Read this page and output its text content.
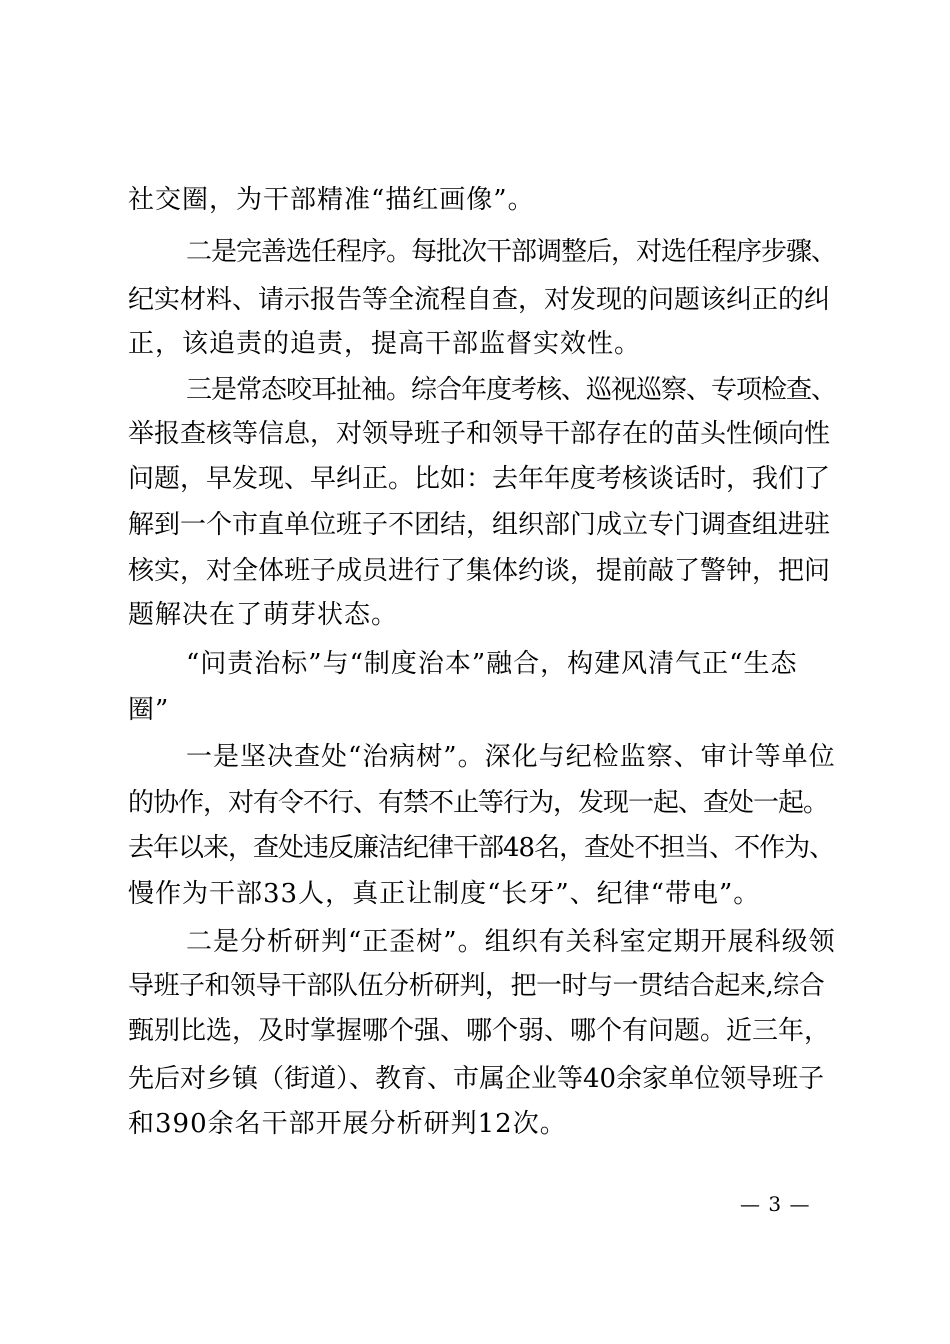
社交圈，为干部精准“描红画像”。
二是完善选任程序。每批次干部调整后，对选任程序步骤、
纪实材料、请示报告等全流程自查，对发现的问题该纠正的纠
正，该追责的追责，提高干部监督实效性。
三是常态咬耳扯袖。综合年度考核、巡视巡察、专项检查、
举报查核等信息，对领导班子和领导干部存在的苗头性倾向性
问题，早发现、早纠正。比如：去年年度考核谈话时，我们了
解到一个市直单位班子不团结，组织部门成立专门调查组进驻
核实，对全体班子成员进行了集体约谈，提前敲了警钟，把问
题解决在了萌芽状态。
“问责治标”与“制度治本”融合，构建风清气正“生态
圈”
一是坚决查处“治病树”。深化与纪检监察、审计等单位
的协作，对有令不行、有禁不止等行为，发现一起、查处一起。
去年以来，查处违反廉洁纪律干部48名，查处不担当、不作为、
慢作为干部33人，真正让制度“长牙”、纪律“带电”。
二是分析研判“正歪树”。组织有关科室定期开展科级领
导班子和领导干部队伍分析研判，把一时与一贯结合起来,综合
甄别比选，及时掌握哪个强、哪个弱、哪个有问题。近三年，
先后对乡镇（街道）、教育、市属企业等40余家单位领导班子
和390余名干部开展分析研判12次。
— 3 —
